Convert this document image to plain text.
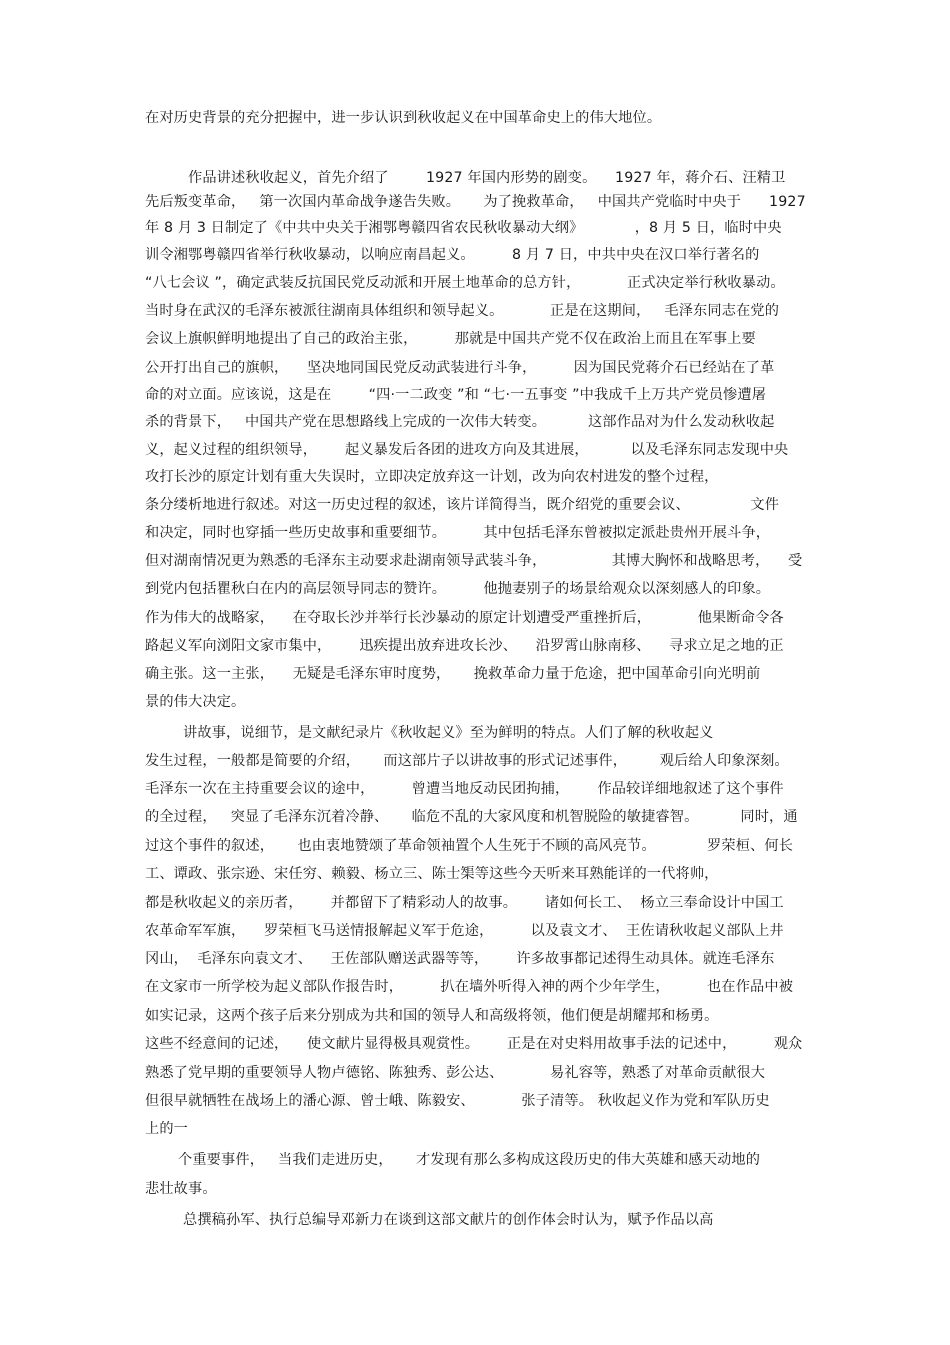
在对历史背景的充分把握中，进一步认识到秋收起义在中国革命史上的伟大地位。
作品讲述秋收起义，首先介绍了        1927 年国内形势的剧变。    1927 年，蒋介石、汪精卫
先后叛变革命，   第一次国内革命战争遂告失败。     为了挽救革命，   中国共产党临时中央于      1927
年 8 月 3 日制定了《中共中央关于湘鄂粤赣四省农民秋收暴动大纲》           ，8 月 5 日，临时中央
训令湘鄂粤赣四省举行秋收暴动，以响应南昌起义。        8 月 7 日，中共中央在汉口举行著名的
“八七会议 ”，确定武装反抗国民党反动派和开展土地革命的总方针，          正式决定举行秋收暴动。
当时身在武汉的毛泽东被派往湖南具体组织和领导起义。          正是在这期间，   毛泽东同志在党的
会议上旗帜鲜明地提出了自己的政治主张，        那就是中国共产党不仅在政治上而且在军事上要
公开打出自己的旗帜，    坚决地同国民党反动武装进行斗争，        因为国民党蒋介石已经站在了革
命的对立面。应该说，这是在        “四·一二政变 ”和 “七·一五事变 ”中我成千上万共产党员惨遭屠
杀的背景下，   中国共产党在思想路线上完成的一次伟大转变。         这部作品对为什么发动秋收起
义，起义过程的组织领导，      起义暴发后各团的进攻方向及其进展，         以及毛泽东同志发现中央
攻打长沙的原定计划有重大失误时，立即决定放弃这一计划，改为向农村进发的整个过程，
条分缕析地进行叙述。对这一历史过程的叙述，该片详简得当，既介绍党的重要会议、             文件
和决定，同时也穿插一些历史故事和重要细节。        其中包括毛泽东曾被拟定派赴贵州开展斗争，
但对湖南情况更为熟悉的毛泽东主动要求赴湖南领导武装斗争，              其博大胸怀和战略思考，    受
到党内包括瞿秋白在内的高层领导同志的赞许。        他抛妻别子的场景给观众以深刻感人的印象。
作为伟大的战略家，    在夺取长沙并举行长沙暴动的原定计划遭受严重挫折后，          他果断命令各
路起义军向浏阳文家市集中，      迅疾提出放弃进攻长沙、    沿罗霄山脉南移、    寻求立足之地的正
确主张。这一主张，    无疑是毛泽东审时度势，     挽救革命力量于危途，把中国革命引向光明前
景的伟大决定。
讲故事，说细节，是文献纪录片《秋收起义》至为鲜明的特点。人们了解的秋收起义
发生过程，一般都是简要的介绍，     而这部片子以讲故事的形式记述事件，       观后给人印象深刻。
毛泽东一次在主持重要会议的途中，        曾遭当地反动民团拘捕，      作品较详细地叙述了这个事件
的全过程，   突显了毛泽东沉着冷静、     临危不乱的大家风度和机智脱险的敏捷睿智。         同时，通
过这个事件的叙述，     也由衷地赞颂了革命领袖置个人生死于不顾的高风亮节。           罗荣桓、何长
工、谭政、张宗逊、宋任穷、赖毅、杨立三、陈士榘等这些今天听来耳熟能详的一代将帅，
都是秋收起义的亲历者，      并都留下了精彩动人的故事。      诸如何长工、  杨立三奉命设计中国工
农革命军军旗，    罗荣桓飞马送情报解起义军于危途，        以及袁文才、  王佐请秋收起义部队上井
冈山，  毛泽东向袁文才、    王佐部队赠送武器等等，      许多故事都记述得生动具体。就连毛泽东
在文家市一所学校为起义部队作报告时，        扒在墙外听得入神的两个少年学生，        也在作品中被
如实记录，这两个孩子后来分别成为共和国的领导人和高级将领，他们便是胡耀邦和杨勇。
这些不经意间的记述，    使文献片显得极具观赏性。      正是在对史料用故事手法的记述中，        观众
熟悉了党早期的重要领导人物卢德铭、陈独秀、彭公达、          易礼容等，熟悉了对革命贡献很大
但很早就牺牲在战场上的潘心源、曾士峨、陈毅安、          张子清等。 秋收起义作为党和军队历史
上的一
个重要事件，   当我们走进历史，     才发现有那么多构成这段历史的伟大英雄和感天动地的
悲壮故事。
总撰稿孙军、执行总编导邓新力在谈到这部文献片的创作体会时认为，赋予作品以高
